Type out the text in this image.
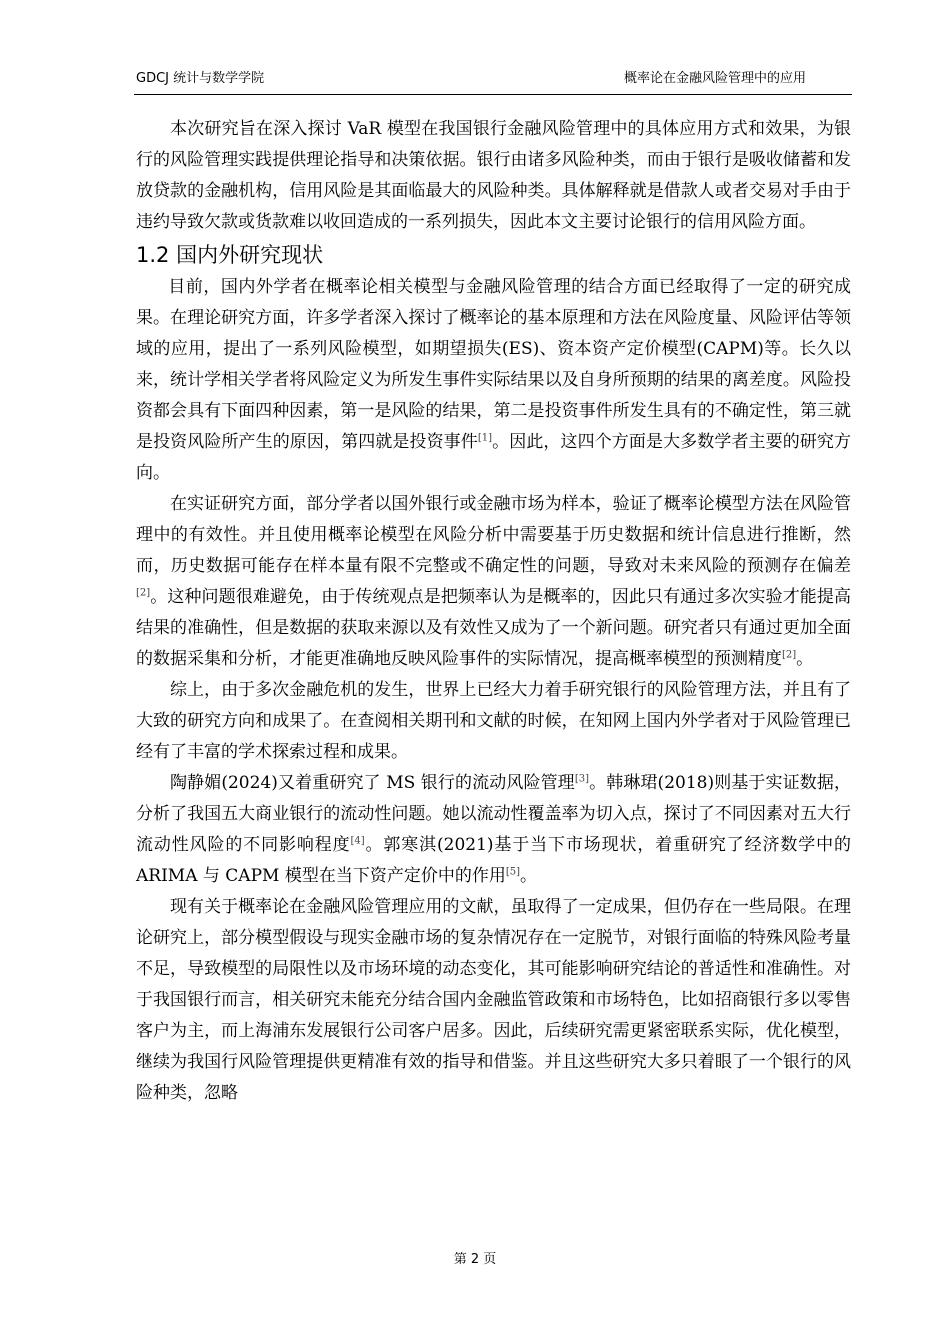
GDCJ 统计与数学学院	概率论在金融风险管理中的应用

本次研究旨在深入探讨 VaR 模型在我国银行金融风险管理中的具体应用方式和效果，为银行的风险管理实践提供理论指导和决策依据。银行由诸多风险种类，而由于银行是吸收储蓄和发放贷款的金融机构，信用风险是其面临最大的风险种类。具体解释就是借款人或者交易对手由于违约导致欠款或货款难以收回造成的一系列损失，因此本文主要讨论银行的信用风险方面。

1.2 国内外研究现状

目前，国内外学者在概率论相关模型与金融风险管理的结合方面已经取得了一定的研究成果。在理论研究方面，许多学者深入探讨了概率论的基本原理和方法在风险度量、风险评估等领域的应用，提出了一系列风险模型，如期望损失(ES)、资本资产定价模型(CAPM)等。长久以来，统计学相关学者将风险定义为所发生事件实际结果以及自身所预期的结果的离差度。风险投资都会具有下面四种因素，第一是风险的结果，第二是投资事件所发生具有的不确定性，第三就是投资风险所产生的原因，第四就是投资事件[1]。因此，这四个方面是大多数学者主要的研究方向。

在实证研究方面，部分学者以国外银行或金融市场为样本，验证了概率论模型方法在风险管理中的有效性。并且使用概率论模型在风险分析中需要基于历史数据和统计信息进行推断，然而，历史数据可能存在样本量有限不完整或不确定性的问题，导致对未来风险的预测存在偏差[2]。这种问题很难避免，由于传统观点是把频率认为是概率的，因此只有通过多次实验才能提高结果的准确性，但是数据的获取来源以及有效性又成为了一个新问题。研究者只有通过更加全面的数据采集和分析，才能更准确地反映风险事件的实际情况，提高概率模型的预测精度[2]。

综上，由于多次金融危机的发生，世界上已经大力着手研究银行的风险管理方法，并且有了大致的研究方向和成果了。在查阅相关期刊和文献的时候，在知网上国内外学者对于风险管理已经有了丰富的学术探索过程和成果。

陶静媚(2024)又着重研究了 MS 银行的流动风险管理[3]。韩琳珺(2018)则基于实证数据，分析了我国五大商业银行的流动性问题。她以流动性覆盖率为切入点，探讨了不同因素对五大行流动性风险的不同影响程度[4]。郭寒淇(2021)基于当下市场现状，着重研究了经济数学中的 ARIMA 与 CAPM 模型在当下资产定价中的作用[5]。

现有关于概率论在金融风险管理应用的文献，虽取得了一定成果，但仍存在一些局限。在理论研究上，部分模型假设与现实金融市场的复杂情况存在一定脱节，对银行面临的特殊风险考量不足，导致模型的局限性以及市场环境的动态变化，其可能影响研究结论的普适性和准确性。对于我国银行而言，相关研究未能充分结合国内金融监管政策和市场特色，比如招商银行多以零售客户为主，而上海浦东发展银行公司客户居多。因此，后续研究需更紧密联系实际，优化模型，继续为我国行风险管理提供更精准有效的指导和借鉴。并且这些研究大多只着眼了一个银行的风险种类，忽略

第 2 页
